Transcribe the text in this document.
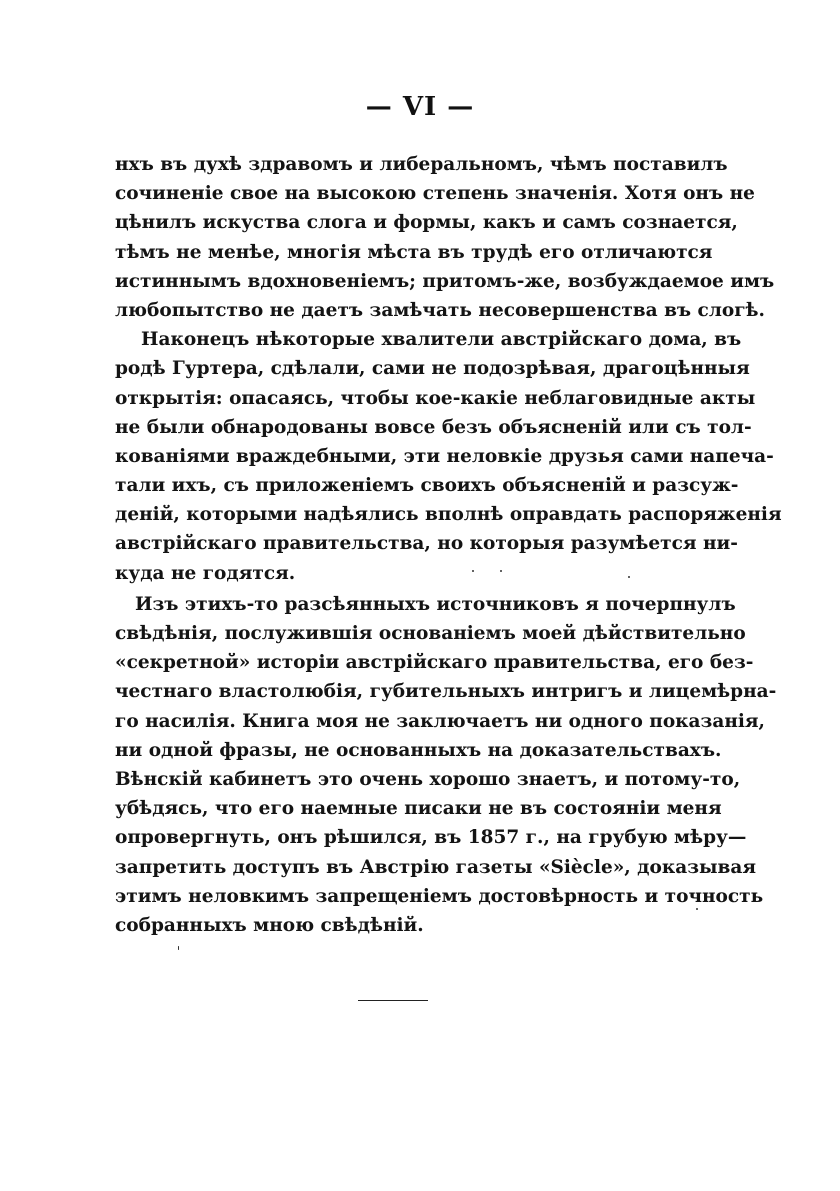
— VI —

нхъ въ духѣ здравомъ и либеральномъ, чѣмъ поставилъ
сочиненіе свое на высокою степень значенія. Хотя онъ не
цѣнилъ искуства слога и формы, какъ и самъ сознается,
тѣмъ не менѣе, многія мѣста въ трудѣ его отличаются
истиннымъ вдохновеніемъ; притомъ-же, возбуждаемое имъ
любопытство не даетъ замѣчать несовершенства въ слогѣ.

Наконецъ нѣкоторые хвалители австрійскаго дома, въ
родѣ Гуртера, сдѣлали, сами не подозрѣвая, драгоцѣнныя
открытія: опасаясь, чтобы кое-какіе неблаговидные акты
не были обнародованы вовсе безъ объясненій или съ тол-
кованіями враждебными, эти неловкіе друзья сами напеча-
тали ихъ, съ приложеніемъ своихъ объясненій и разсуж-
деній, которыми надѣялись вполнѣ оправдать распоряженія
австрійскаго правительства, но которыя разумѣется ни-
куда не годятся.

Изъ этихъ-то разсѣянныхъ источниковъ я почерпнулъ
свѣдѣнія, послужившія основаніемъ моей дѣйствительно
«секретной» исторіи австрійскаго правительства, его без-
честнаго властолюбія, губительныхъ интригъ и лицемѣрна-
го насилія. Книга моя не заключаетъ ни одного показанія,
ни одной фразы, не основанныхъ на доказательствахъ.
Вѣнскій кабинетъ это очень хорошо знаетъ, и потому-то,
убѣдясь, что его наемные писаки не въ состояніи меня
опровергнуть, онъ рѣшился, въ 1857 г., на грубую мѣру—
запретить доступъ въ Австрію газеты «Siècle», доказывая
этимъ неловкимъ запрещеніемъ достовѣрность и точность
собранныхъ мною свѣдѣній.
